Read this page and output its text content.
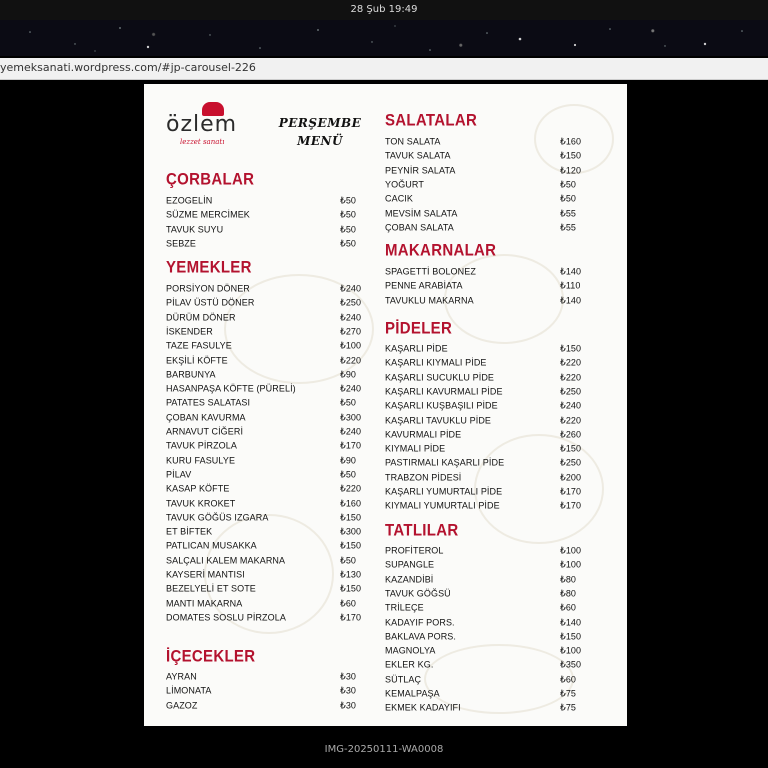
28 Şub 19:49
yemeksanati.wordpress.com/#jp-carousel-226
özlem
lezzet sanatı
PERŞEMBE
MENÜ
ÇORBALAR
EZOGELİN	₺50
SÜZME MERCİMEK	₺50
TAVUK SUYU	₺50
SEBZE	₺50
YEMEKLER
PORSİYON DÖNER	₺240
PİLAV ÜSTÜ DÖNER	₺250
DÜRÜM DÖNER	₺240
İSKENDER	₺270
TAZE FASULYE	₺100
EKŞİLİ KÖFTE	₺220
BARBUNYA	₺90
HASANPAŞA KÖFTE (PÜRELİ)	₺240
PATATES SALATASI	₺50
ÇOBAN KAVURMA	₺300
ARNAVUT CİĞERİ	₺240
TAVUK PİRZOLA	₺170
KURU FASULYE	₺90
PİLAV	₺50
KASAP KÖFTE	₺220
TAVUK KROKET	₺160
TAVUK GÖĞÜS IZGARA	₺150
ET BİFTEK	₺300
PATLICAN MUSAKKA	₺150
SALÇALI KALEM MAKARNA	₺50
KAYSERİ MANTISI	₺130
BEZELYELİ ET SOTE	₺150
MANTI MAKARNA	₺60
DOMATES SOSLU PİRZOLA	₺170
İÇECEKLER
AYRAN	₺30
LİMONATA	₺30
GAZOZ	₺30
SALATALAR
TON SALATA	₺160
TAVUK SALATA	₺150
PEYNİR SALATA	₺120
YOĞURT	₺50
CACIK	₺50
MEVSİM SALATA	₺55
ÇOBAN SALATA	₺55
MAKARNALAR
SPAGETTİ BOLONEZ	₺140
PENNE ARABİATA	₺110
TAVUKLU MAKARNA	₺140
PİDELER
KAŞARLI PİDE	₺150
KAŞARLI KIYMALI PİDE	₺220
KAŞARLI SUCUKLU PİDE	₺220
KAŞARLI KAVURMALI PİDE	₺250
KAŞARLI KUŞBAŞILI PİDE	₺240
KAŞARLI TAVUKLU PİDE	₺220
KAVURMALI PİDE	₺260
KIYMALI PİDE	₺150
PASTIRMALI KAŞARLI PİDE	₺250
TRABZON PİDESİ	₺200
KAŞARLI YUMURTALI PİDE	₺170
KIYMALI YUMURTALI PİDE	₺170
TATLILAR
PROFİTEROL	₺100
SUPANGLE	₺100
KAZANDİBİ	₺80
TAVUK GÖĞSÜ	₺80
TRİLEÇE	₺60
KADAYIF PORS.	₺140
BAKLAVA PORS.	₺150
MAGNOLYA	₺100
EKLER KG.	₺350
SÜTLAÇ	₺60
KEMALPAŞA	₺75
EKMEK KADAYIFI	₺75
IMG-20250111-WA0008
